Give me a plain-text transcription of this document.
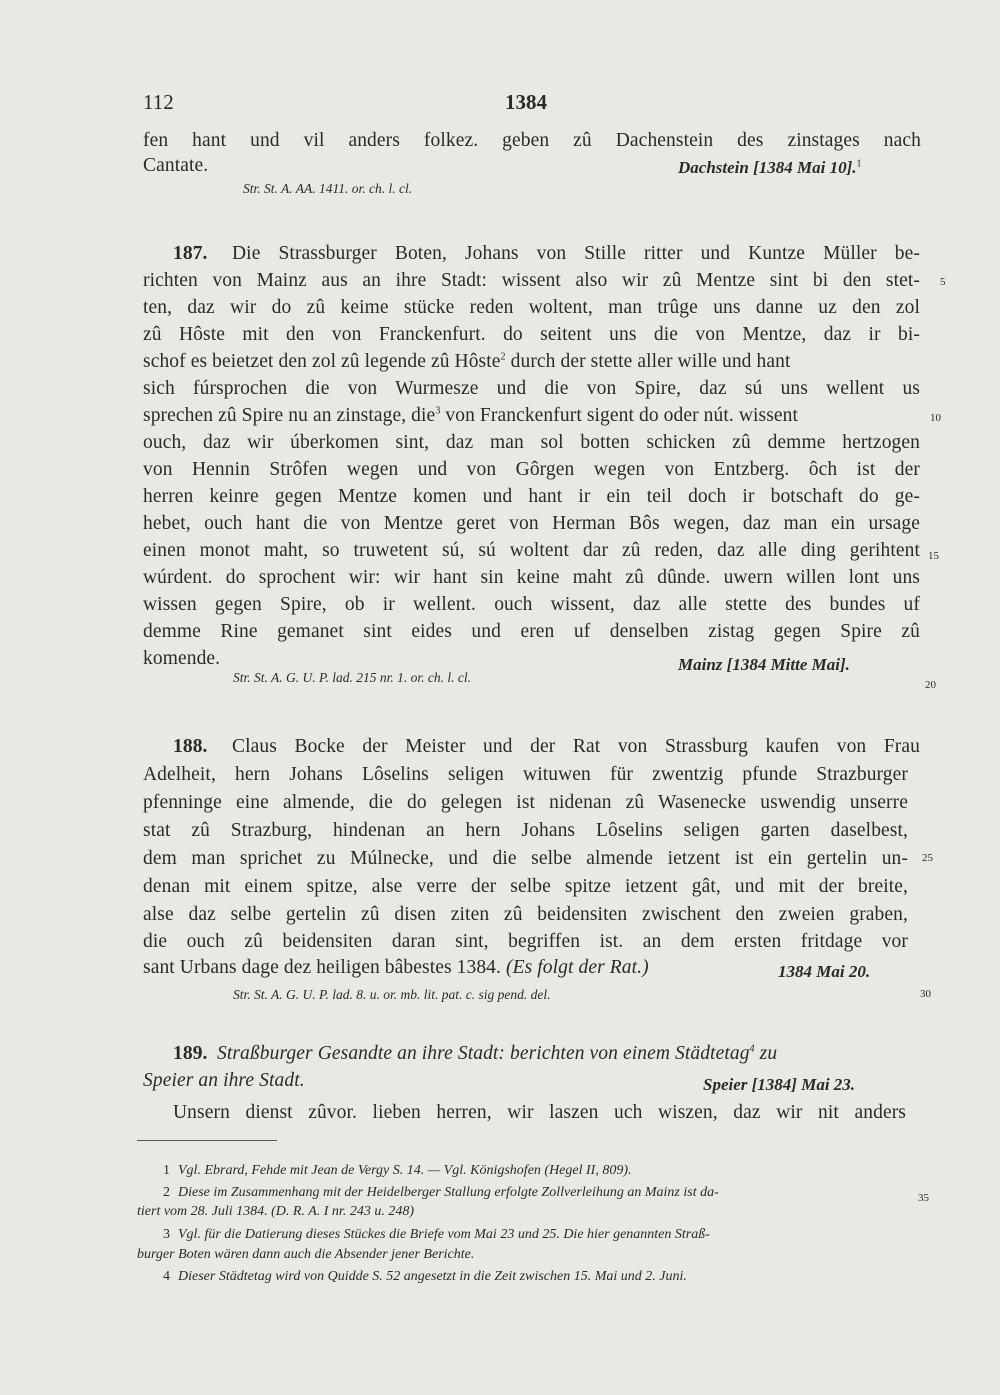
112	1384
fen hant und vil anders folkez. geben zû Dachenstein des zinstages nach
Cantate.	Dachstein [1384 Mai 10].$^1$
Str. St. A. AA. 1411. or. ch. l. cl.
187. Die Strassburger Boten, Johans von Stille ritter und Kuntze Müller be-
richten von Mainz aus an ihre Stadt: wissent also wir zû Mentze sint bi den stet-
ten, daz wir do zû keime stücke reden woltent, man trûge uns danne uz den zol
zû Hôste mit den von Franckenfurt. do seitent uns die von Mentze, daz ir bi-
schof es beietzet den zol zû legende zû Hôste$^2$ durch der stette aller wille und hant
sich fúrsprochen die von Wurmesze und die von Spire, daz sú uns wellent us
sprechen zû Spire nu an zinstage, die$^3$ von Franckenfurt sigent do oder nút. wissent
ouch, daz wir úberkomen sint, daz man sol botten schicken zû demme hertzogen
von Hennin Strôfen wegen und von Gôrgen wegen von Entzberg. ôch ist der
herren keinre gegen Mentze komen und hant ir ein teil doch ir botschaft do ge-
hebet, ouch hant die von Mentze geret von Herman Bôs wegen, daz man ein ursage
einen monot maht, so truwetent sú, sú woltent dar zû reden, daz alle ding gerihtent
wúrdent. do sprochent wir: wir hant sin keine maht zû dûnde. uwern willen lont uns
wissen gegen Spire, ob ir wellent. ouch wissent, daz alle stette des bundes uf
demme Rine gemanet sint eides und eren uf denselben zistag gegen Spire zû
komende.	Mainz [1384 Mitte Mai].
Str. St. A. G. U. P. lad. 215 nr. 1. or. ch. l. cl.
188. Claus Bocke der Meister und der Rat von Strassburg kaufen von Frau
Adelheit, hern Johans Lôselins seligen wituwen für zwentzig pfunde Strazburger
pfenninge eine almende, die do gelegen ist nidenan zû Wasenecke uswendig unserre
stat zû Strazburg, hindenan an hern Johans Lôselins seligen garten daselbest,
dem man sprichet zu Múlnecke, und die selbe almende ietzent ist ein gertelin un-
denan mit einem spitze, alse verre der selbe spitze ietzent gât, und mit der breite,
alse daz selbe gertelin zû disen ziten zû beidensiten zwischent den zweien graben,
die ouch zû beidensiten daran sint, begriffen ist. an dem ersten fritdage vor
sant Urbans dage dez heiligen bâbestes 1384. (Es folgt der Rat.)	1384 Mai 20.
Str. St. A. G. U. P. lad. 8. u. or. mb. lit. pat. c. sig pend. del.
189. Straßburger Gesandte an ihre Stadt: berichten von einem Städtetag$^4$ zu
Speier an ihre Stadt.	Speier [1384] Mai 23.
Unsern dienst zûvor. lieben herren, wir laszen uch wiszen, daz wir nit anders
5
10
15
20
25
30
35
1 Vgl. Ebrard, Fehde mit Jean de Vergy S. 14. — Vgl. Königshofen (Hegel II, 809).
2 Diese im Zusammenhang mit der Heidelberger Stallung erfolgte Zollverleihung an Mainz ist da-
tiert vom 28. Juli 1384. (D. R. A. I nr. 243 u. 248)
3 Vgl. für die Datierung dieses Stückes die Briefe vom Mai 23 und 25. Die hier genannten Straß-
burger Boten wären dann auch die Absender jener Berichte.
4 Dieser Städtetag wird von Quidde S. 52 angesetzt in die Zeit zwischen 15. Mai und 2. Juni.
